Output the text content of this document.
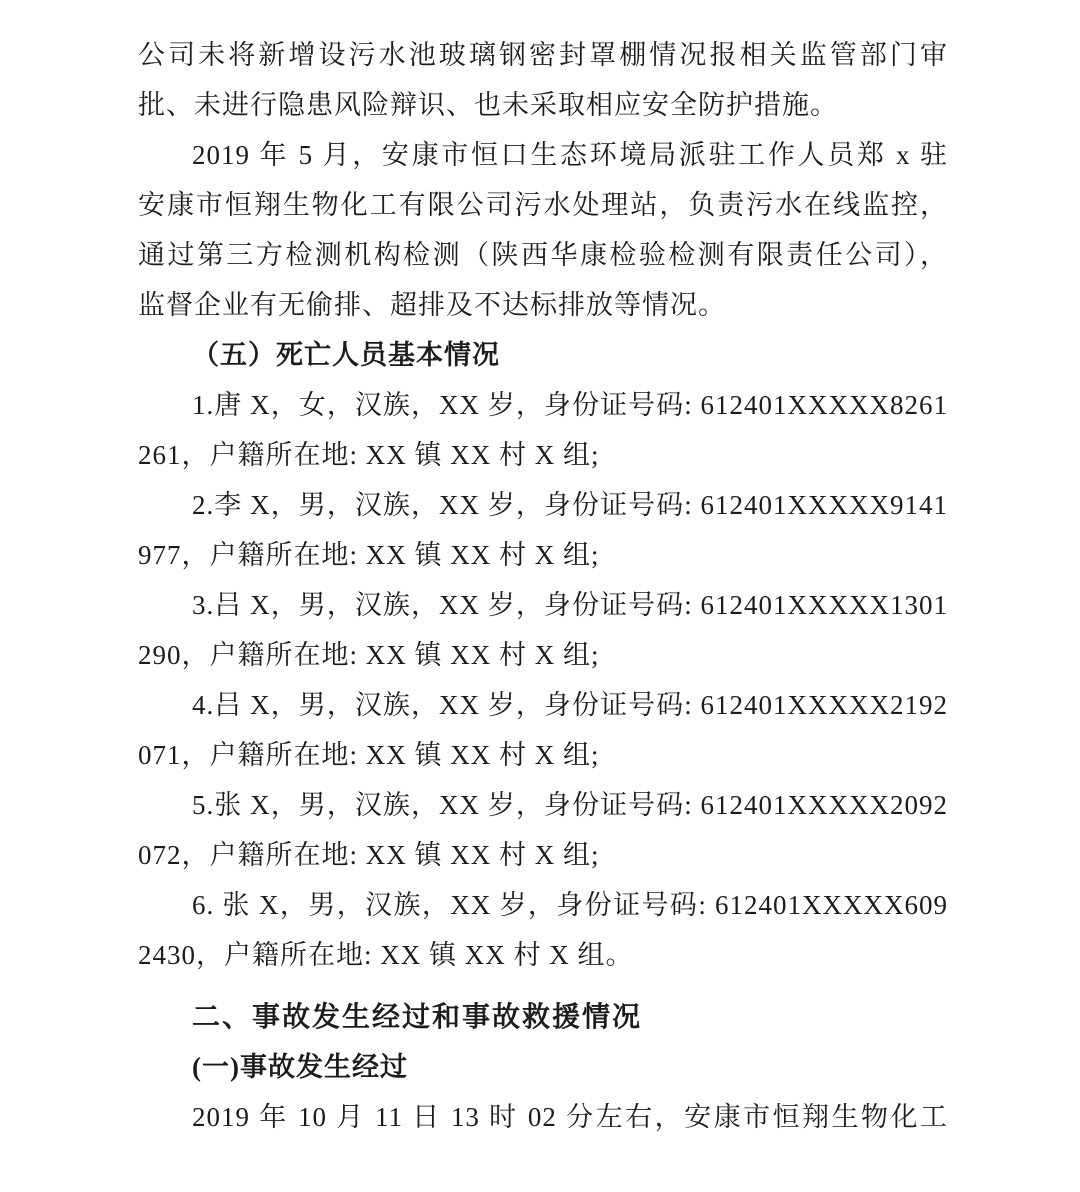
公司未将新增设污水池玻璃钢密封罩棚情况报相关监管部门审
批、未进行隐患风险辩识、也未采取相应安全防护措施。
2019 年 5 月，安康市恒口生态环境局派驻工作人员郑 x 驻
安康市恒翔生物化工有限公司污水处理站，负责污水在线监控，
通过第三方检测机构检测（陕西华康检验检测有限责任公司），
监督企业有无偷排、超排及不达标排放等情况。
（五）死亡人员基本情况
1.唐 X，女，汉族，XX 岁，身份证号码: 612401XXXXX8261
261，户籍所在地: XX 镇 XX 村 X 组;
2.李 X，男，汉族，XX 岁，身份证号码: 612401XXXXX9141
977，户籍所在地: XX 镇 XX 村 X 组;
3.吕 X，男，汉族，XX 岁，身份证号码: 612401XXXXX1301
290，户籍所在地: XX 镇 XX 村 X 组;
4.吕 X，男，汉族，XX 岁，身份证号码: 612401XXXXX2192
071，户籍所在地: XX 镇 XX 村 X 组;
5.张 X，男，汉族，XX 岁，身份证号码: 612401XXXXX2092
072，户籍所在地: XX 镇 XX 村 X 组;
6. 张 X，男，汉族，XX 岁，身份证号码: 612401XXXXX609
2430，户籍所在地: XX 镇 XX 村 X 组。
二、事故发生经过和事故救援情况
(一)事故发生经过
2019 年 10 月 11 日 13 时 02 分左右，安康市恒翔生物化工
